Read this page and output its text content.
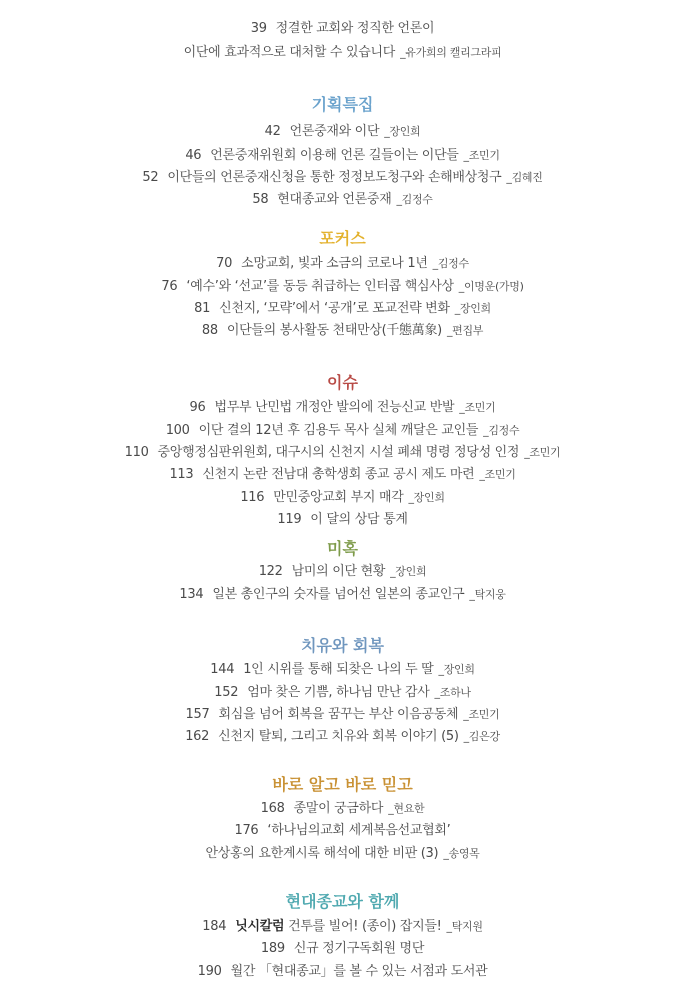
39 정결한 교회와 정직한 언론이
이단에 효과적으로 대처할 수 있습니다 _유가희의 캘리그라피
기획특집
42 언론중재와 이단 _장인희
46 언론중재위원회 이용해 언론 길들이는 이단들 _조민기
52 이단들의 언론중재신청을 통한 정정보도청구와 손해배상청구 _김혜진
58 현대종교와 언론중재 _김정수
포커스
70 소망교회, 빛과 소금의 코로나 1년 _김정수
76 ‘예수’와 ‘선교’를 동등 취급하는 인터콥 핵심사상 _이명운(가명)
81 신천지, ‘모략’에서 ‘공개’로 포교전략 변화 _장인희
88 이단들의 봉사활동 천태만상(千態萬象) _편집부
이슈
96 법무부 난민법 개정안 발의에 전능신교 반발 _조민기
100 이단 결의 12년 후 김용두 목사 실체 깨달은 교인들 _김정수
110 중앙행정심판위원회, 대구시의 신천지 시설 폐쇄 명령 정당성 인정 _조민기
113 신천지 논란 전남대 총학생회 종교 공시 제도 마련 _조민기
116 만민중앙교회 부지 매각 _장인희
119 이 달의 상담 통계
미혹
122 남미의 이단 현황 _장인희
134 일본 총인구의 숫자를 넘어선 일본의 종교인구 _탁지웅
치유와 회복
144 1인 시위를 통해 되찾은 나의 두 딸 _장인희
152 엄마 찾은 기쁨, 하나님 만난 감사 _조하나
157 회심을 넘어 회복을 꿈꾸는 부산 이음공동체 _조민기
162 신천지 탈퇴, 그리고 치유와 회복 이야기 (5) _김은강
바로 알고 바로 믿고
168 종말이 궁금하다 _현요한
176 ‘하나님의교회 세계복음선교협회’
안상홍의 요한계시록 해석에 대한 비판 (3) _송영목
현대종교와 함께
184 닛시칼럼 건투를 빌어! (종이) 잡지들! _탁지원
189 신규 정기구독회원 명단
190 월간 「현대종교」를 볼 수 있는 서점과 도서관
